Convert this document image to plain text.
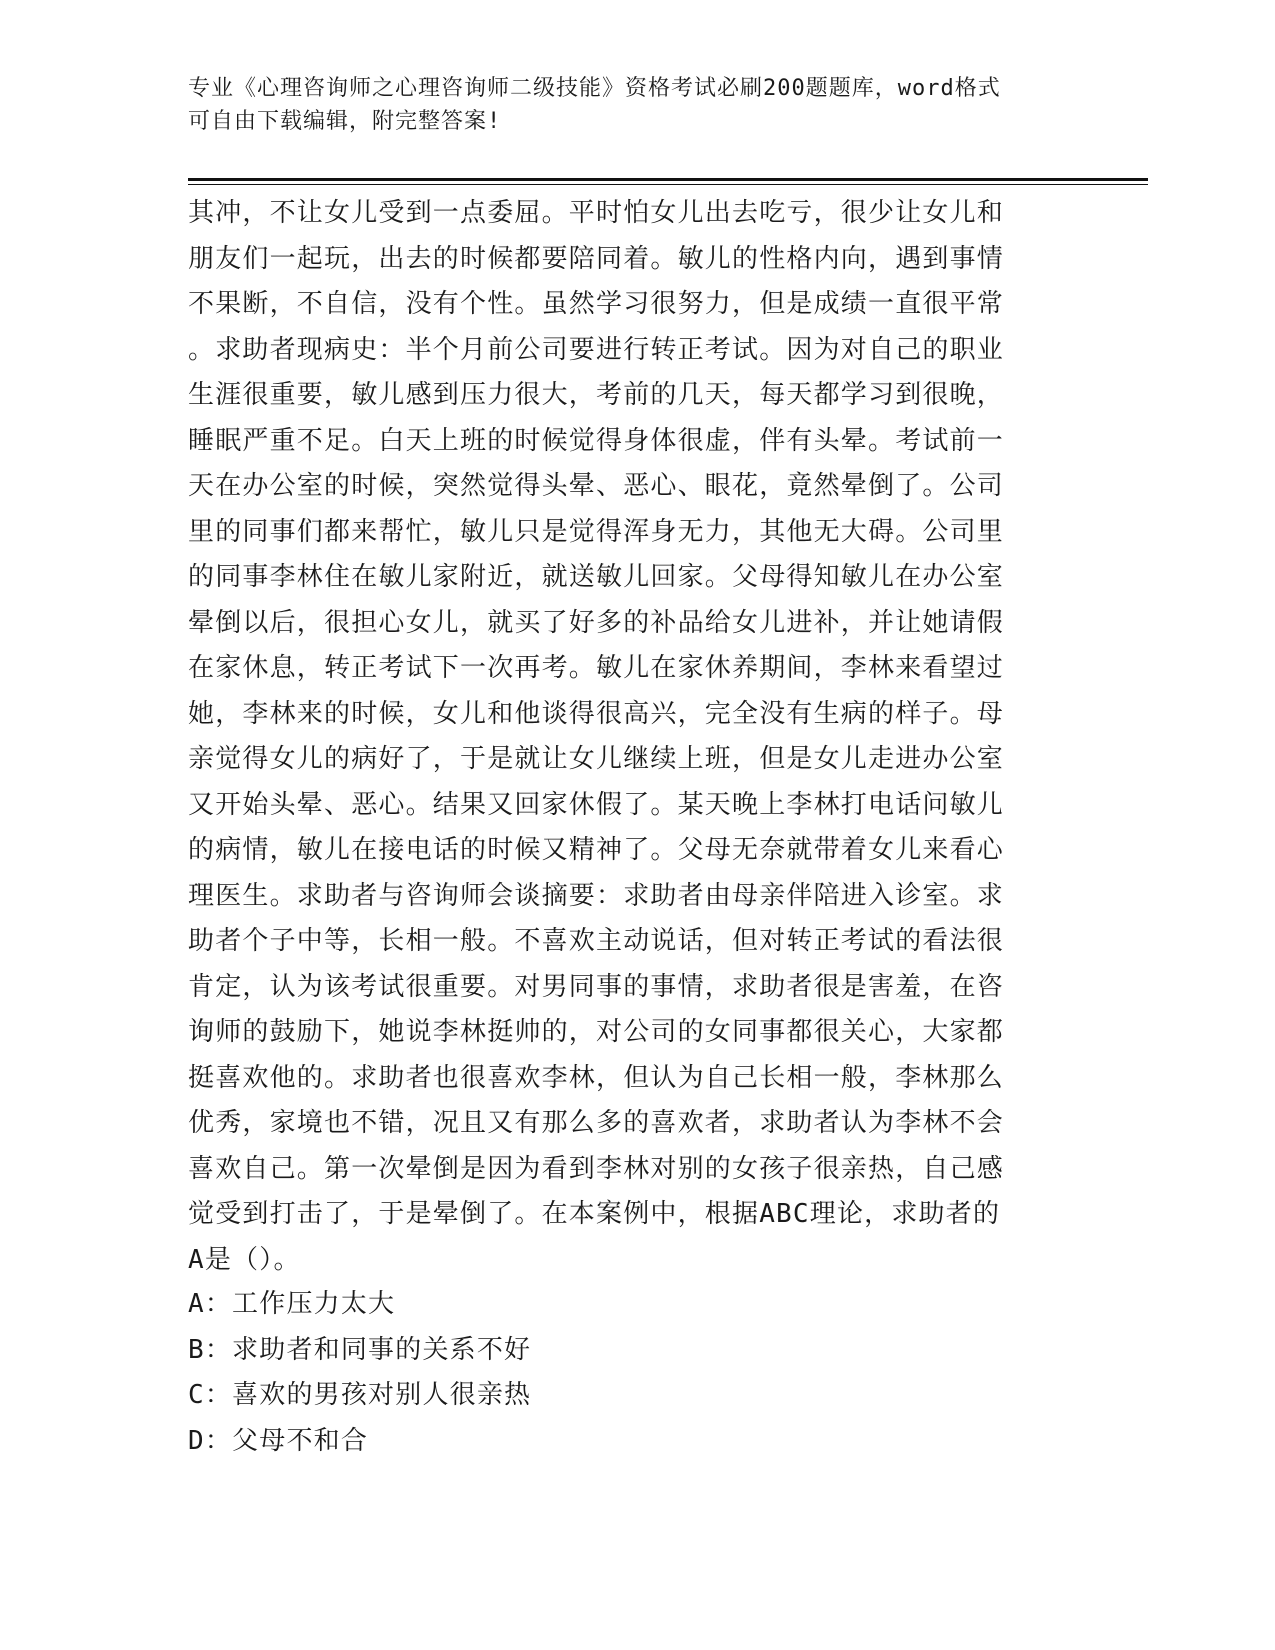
专业《心理咨询师之心理咨询师二级技能》资格考试必刷200题题库，word格式
可自由下载编辑，附完整答案!
其冲，不让女儿受到一点委屈。平时怕女儿出去吃亏，很少让女儿和
朋友们一起玩，出去的时候都要陪同着。敏儿的性格内向，遇到事情
不果断，不自信，没有个性。虽然学习很努力，但是成绩一直很平常
。求助者现病史：半个月前公司要进行转正考试。因为对自己的职业
生涯很重要，敏儿感到压力很大，考前的几天，每天都学习到很晚，
睡眠严重不足。白天上班的时候觉得身体很虚，伴有头晕。考试前一
天在办公室的时候，突然觉得头晕、恶心、眼花，竟然晕倒了。公司
里的同事们都来帮忙，敏儿只是觉得浑身无力，其他无大碍。公司里
的同事李林住在敏儿家附近，就送敏儿回家。父母得知敏儿在办公室
晕倒以后，很担心女儿，就买了好多的补品给女儿进补，并让她请假
在家休息，转正考试下一次再考。敏儿在家休养期间，李林来看望过
她，李林来的时候，女儿和他谈得很高兴，完全没有生病的样子。母
亲觉得女儿的病好了，于是就让女儿继续上班，但是女儿走进办公室
又开始头晕、恶心。结果又回家休假了。某天晚上李林打电话问敏儿
的病情，敏儿在接电话的时候又精神了。父母无奈就带着女儿来看心
理医生。求助者与咨询师会谈摘要：求助者由母亲伴陪进入诊室。求
助者个子中等，长相一般。不喜欢主动说话，但对转正考试的看法很
肯定，认为该考试很重要。对男同事的事情，求助者很是害羞，在咨
询师的鼓励下，她说李林挺帅的，对公司的女同事都很关心，大家都
挺喜欢他的。求助者也很喜欢李林，但认为自己长相一般，李林那么
优秀，家境也不错，况且又有那么多的喜欢者，求助者认为李林不会
喜欢自己。第一次晕倒是因为看到李林对别的女孩子很亲热，自己感
觉受到打击了，于是晕倒了。在本案例中，根据ABC理论，求助者的
A是（）。
A：工作压力太大
B：求助者和同事的关系不好
C：喜欢的男孩对别人很亲热
D：父母不和合
